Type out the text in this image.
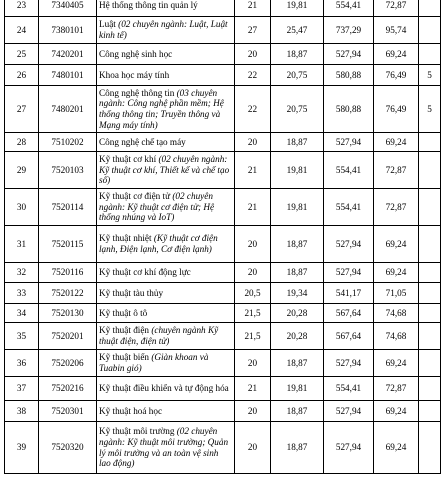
23	7340405	Hệ thống thông tin quản lý	21	19,81	554,41	72,87	
24	7380101	Luật (02 chuyên ngành: Luật, Luật kinh tế)	27	25,47	737,29	95,74	
25	7420201	Công nghệ sinh học	20	18,87	527,94	69,24	
26	7480101	Khoa học máy tính	22	20,75	580,88	76,49	5
27	7480201	Công nghệ thông tin (03 chuyên ngành: Công nghệ phần mềm; Hệ thống thông tin; Truyền thông và Mạng máy tính)	22	20,75	580,88	76,49	5
28	7510202	Công nghệ chế tạo máy	20	18,87	527,94	69,24	
29	7520103	Kỹ thuật cơ khí (02 chuyên ngành: Kỹ thuật cơ khí, Thiết kế và chế tạo số)	21	19,81	554,41	72,87	
30	7520114	Kỹ thuật cơ điện tử (02 chuyên ngành: Kỹ thuật cơ điện tử; Hệ thống nhúng và IoT)	21	19,81	554,41	72,87	
31	7520115	Kỹ thuật nhiệt (Kỹ thuật cơ điện lạnh, Điện lạnh, Cơ điện lạnh)	20	18,87	527,94	69,24	
32	7520116	Kỹ thuật cơ khí động lực	20	18,87	527,94	69,24	
33	7520122	Kỹ thuật tàu thủy	20,5	19,34	541,17	71,05	
34	7520130	Kỹ thuật ô tô	21,5	20,28	567,64	74,68	
35	7520201	Kỹ thuật điện (chuyên ngành Kỹ thuật điện, điện tử)	21,5	20,28	567,64	74,68	
36	7520206	Kỹ thuật biển (Giàn khoan và Tuabin gió)	20	18,87	527,94	69,24	
37	7520216	Kỹ thuật điều khiển và tự động hóa	21	19,81	554,41	72,87	
38	7520301	Kỹ thuật hoá học	20	18,87	527,94	69,24	
39	7520320	Kỹ thuật môi trường (02 chuyên ngành: Kỹ thuật môi trường; Quản lý môi trường và an toàn vệ sinh lao động)	20	18,87	527,94	69,24	
